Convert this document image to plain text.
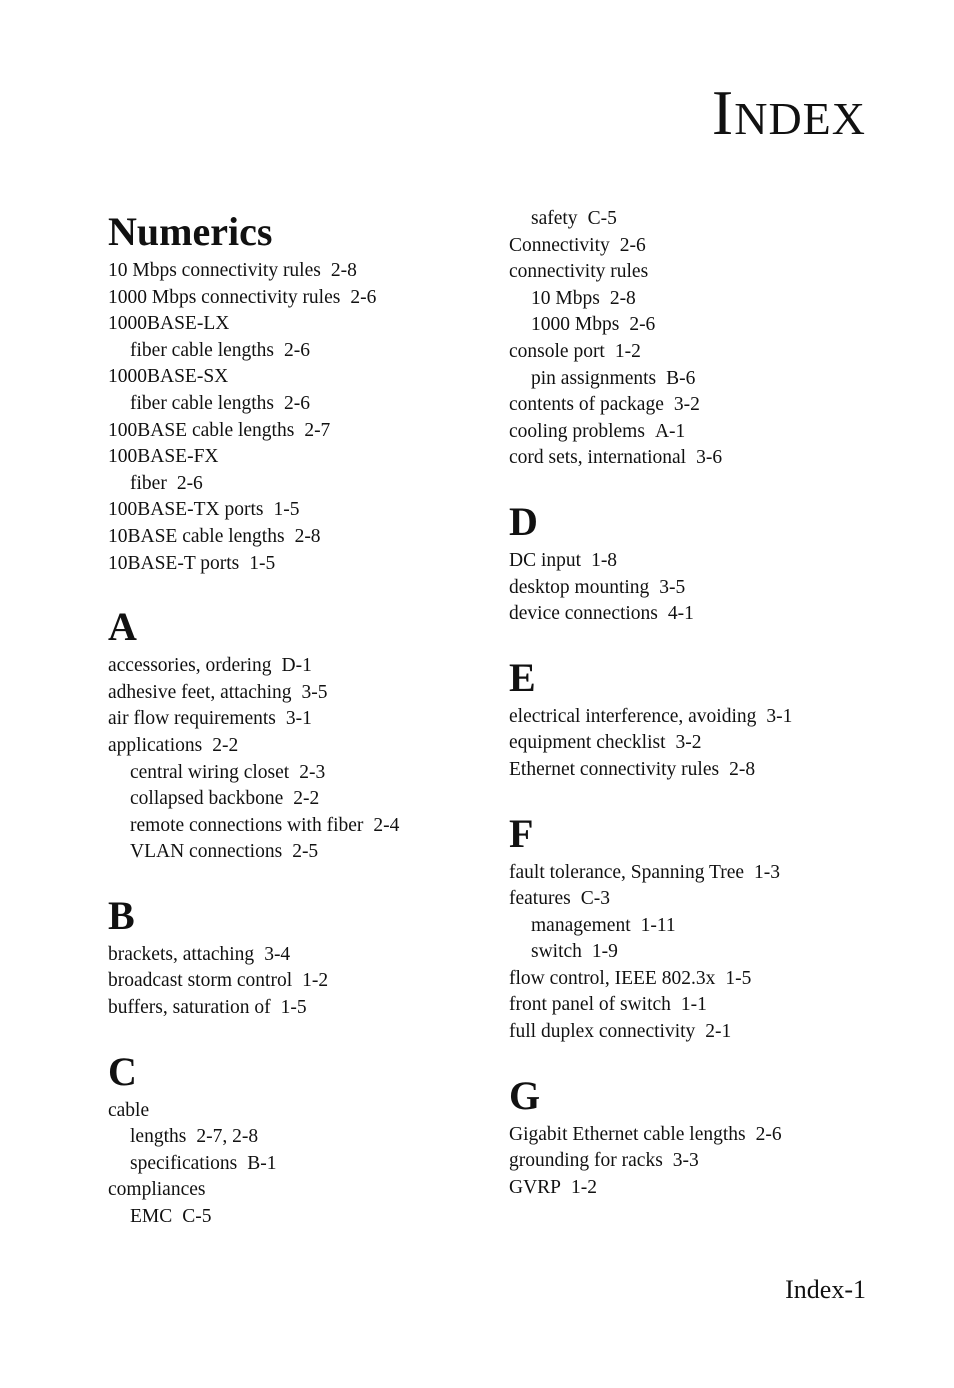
INDEX
Numerics
10 Mbps connectivity rules 2-8
1000 Mbps connectivity rules 2-6
1000BASE-LX
fiber cable lengths 2-6
1000BASE-SX
fiber cable lengths 2-6
100BASE cable lengths 2-7
100BASE-FX
fiber 2-6
100BASE-TX ports 1-5
10BASE cable lengths 2-8
10BASE-T ports 1-5
A
accessories, ordering D-1
adhesive feet, attaching 3-5
air flow requirements 3-1
applications 2-2
central wiring closet 2-3
collapsed backbone 2-2
remote connections with fiber 2-4
VLAN connections 2-5
B
brackets, attaching 3-4
broadcast storm control 1-2
buffers, saturation of 1-5
C
cable
lengths 2-7, 2-8
specifications B-1
compliances
EMC C-5
safety C-5
Connectivity 2-6
connectivity rules
10 Mbps 2-8
1000 Mbps 2-6
console port 1-2
pin assignments B-6
contents of package 3-2
cooling problems A-1
cord sets, international 3-6
D
DC input 1-8
desktop mounting 3-5
device connections 4-1
E
electrical interference, avoiding 3-1
equipment checklist 3-2
Ethernet connectivity rules 2-8
F
fault tolerance, Spanning Tree 1-3
features C-3
management 1-11
switch 1-9
flow control, IEEE 802.3x 1-5
front panel of switch 1-1
full duplex connectivity 2-1
G
Gigabit Ethernet cable lengths 2-6
grounding for racks 3-3
GVRP 1-2
Index-1
